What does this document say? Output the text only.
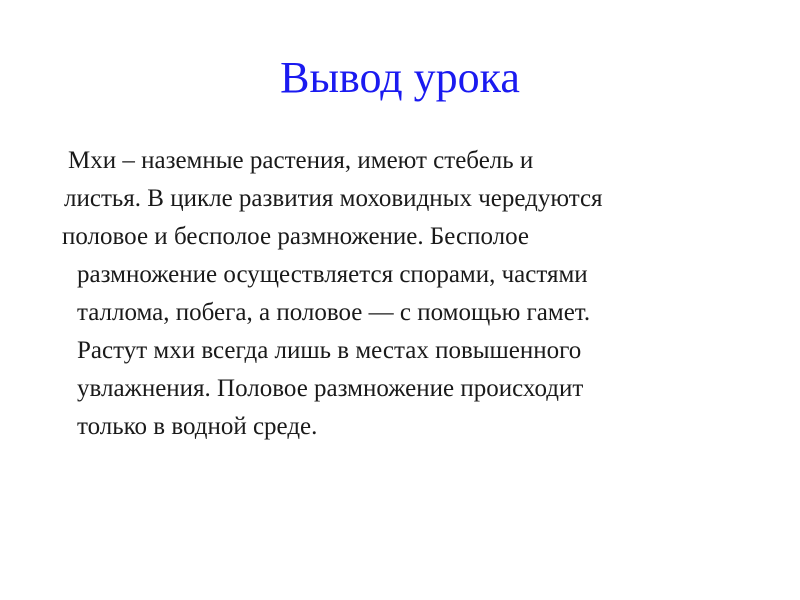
Вывод урока
Мхи – наземные растения, имеют стебель и
листья. В цикле развития моховидных чередуются
половое и бесполое размножение. Бесполое
размножение осуществляется спорами, частями
таллома, побега, а половое — с помощью гамет.
Растут мхи всегда лишь в местах повышенного
увлажнения. Половое размножение происходит
только в водной среде.
